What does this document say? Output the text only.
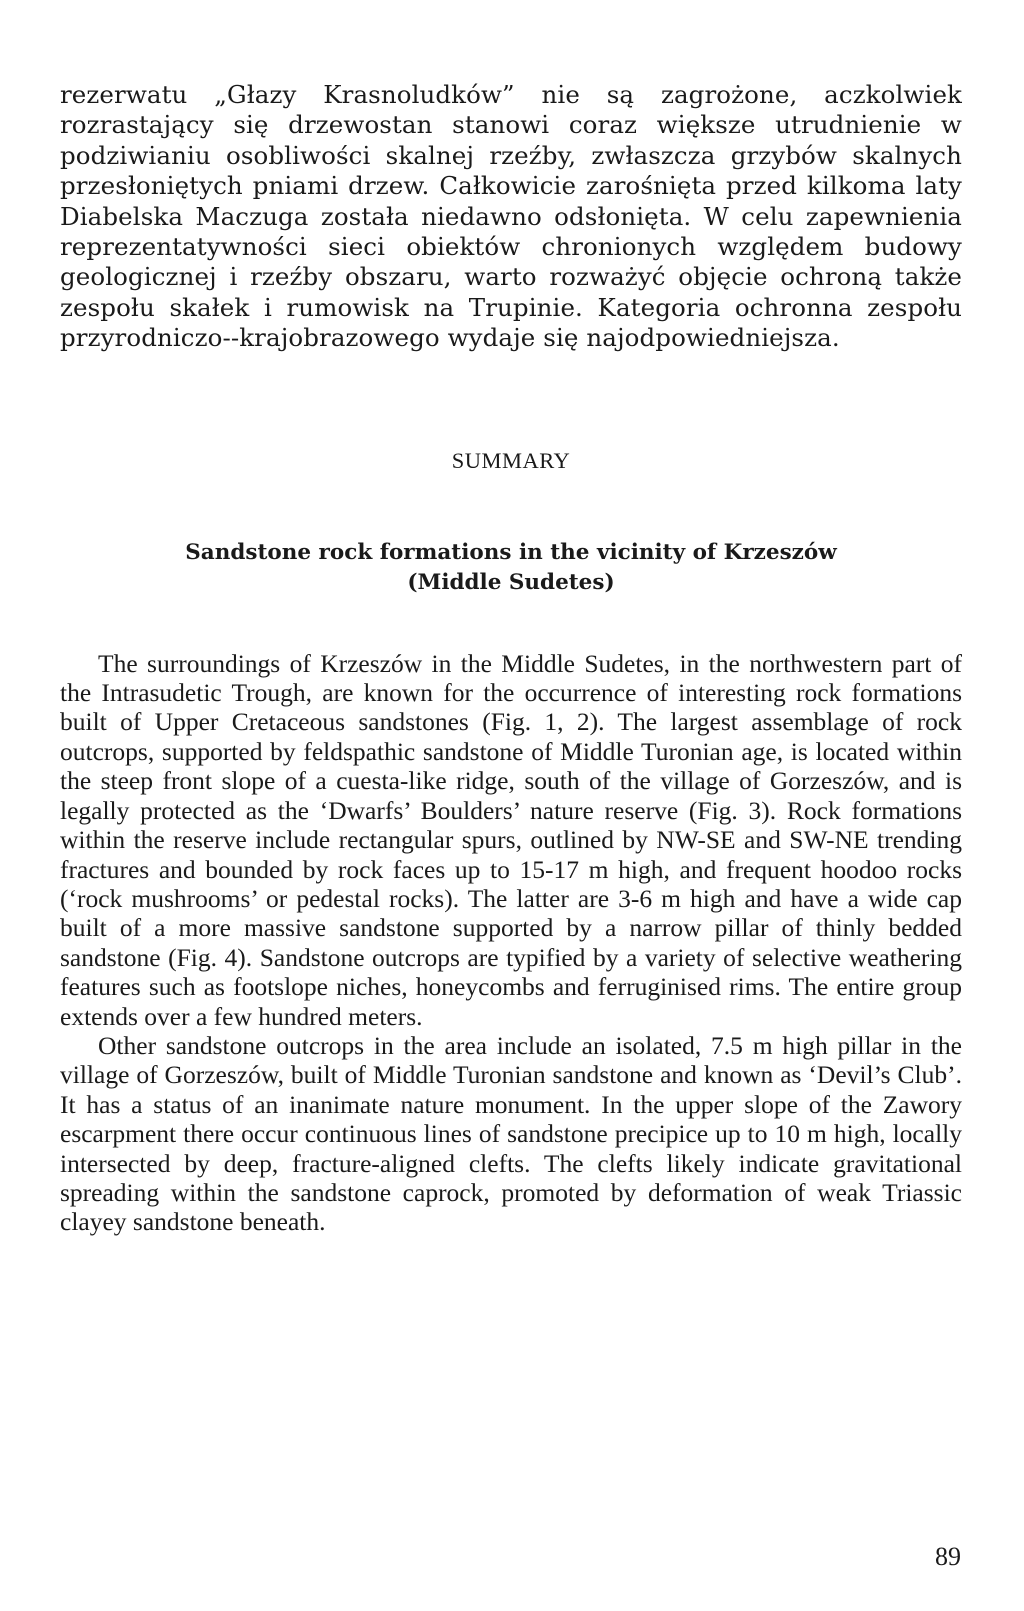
rezerwatu „Głazy Krasnoludków” nie są zagrożone, aczkolwiek rozrastający się drzewostan stanowi coraz większe utrudnienie w podziwianiu osobliwości skalnej rzeźby, zwłaszcza grzybów skalnych przesłoniętych pniami drzew. Całkowicie zarośnięta przed kilkoma laty Diabelska Maczuga została niedawno odsłonięta. W celu zapewnienia reprezentatywności sieci obiektów chronionych względem budowy geologicznej i rzeźby obszaru, warto rozważyć objęcie ochroną także zespołu skałek i rumowisk na Trupinie. Kategoria ochronna zespołu przyrodniczo--krajobrazowego wydaje się najodpowiedniejsza.

SUMMARY
Sandstone rock formations in the vicinity of Krzeszów
(Middle Sudetes)

The surroundings of Krzeszów in the Middle Sudetes, in the northwestern part of the Intrasudetic Trough, are known for the occurrence of interesting rock formations built of Upper Cretaceous sandstones (Fig. 1, 2). The largest assemblage of rock outcrops, supported by feldspathic sandstone of Middle Turonian age, is located within the steep front slope of a cuesta-like ridge, south of the village of Gorzeszów, and is legally protected as the ‘Dwarfs’ Boulders’ nature reserve (Fig. 3). Rock formations within the reserve include rectangular spurs, outlined by NW-SE and SW-NE trending fractures and bounded by rock faces up to 15-17 m high, and frequent hoodoo rocks (‘rock mushrooms’ or pedestal rocks). The latter are 3-6 m high and have a wide cap built of a more massive sandstone supported by a narrow pillar of thinly bedded sandstone (Fig. 4). Sandstone outcrops are typified by a variety of selective weathering features such as footslope niches, honeycombs and ferruginised rims. The entire group extends over a few hundred meters.

Other sandstone outcrops in the area include an isolated, 7.5 m high pillar in the village of Gorzeszów, built of Middle Turonian sandstone and known as ‘Devil’s Club’. It has a status of an inanimate nature monument. In the upper slope of the Zawory escarpment there occur continuous lines of sandstone precipice up to 10 m high, locally intersected by deep, fracture-aligned clefts. The clefts likely indicate gravitational spreading within the sandstone caprock, promoted by deformation of weak Triassic clayey sandstone beneath.

89
